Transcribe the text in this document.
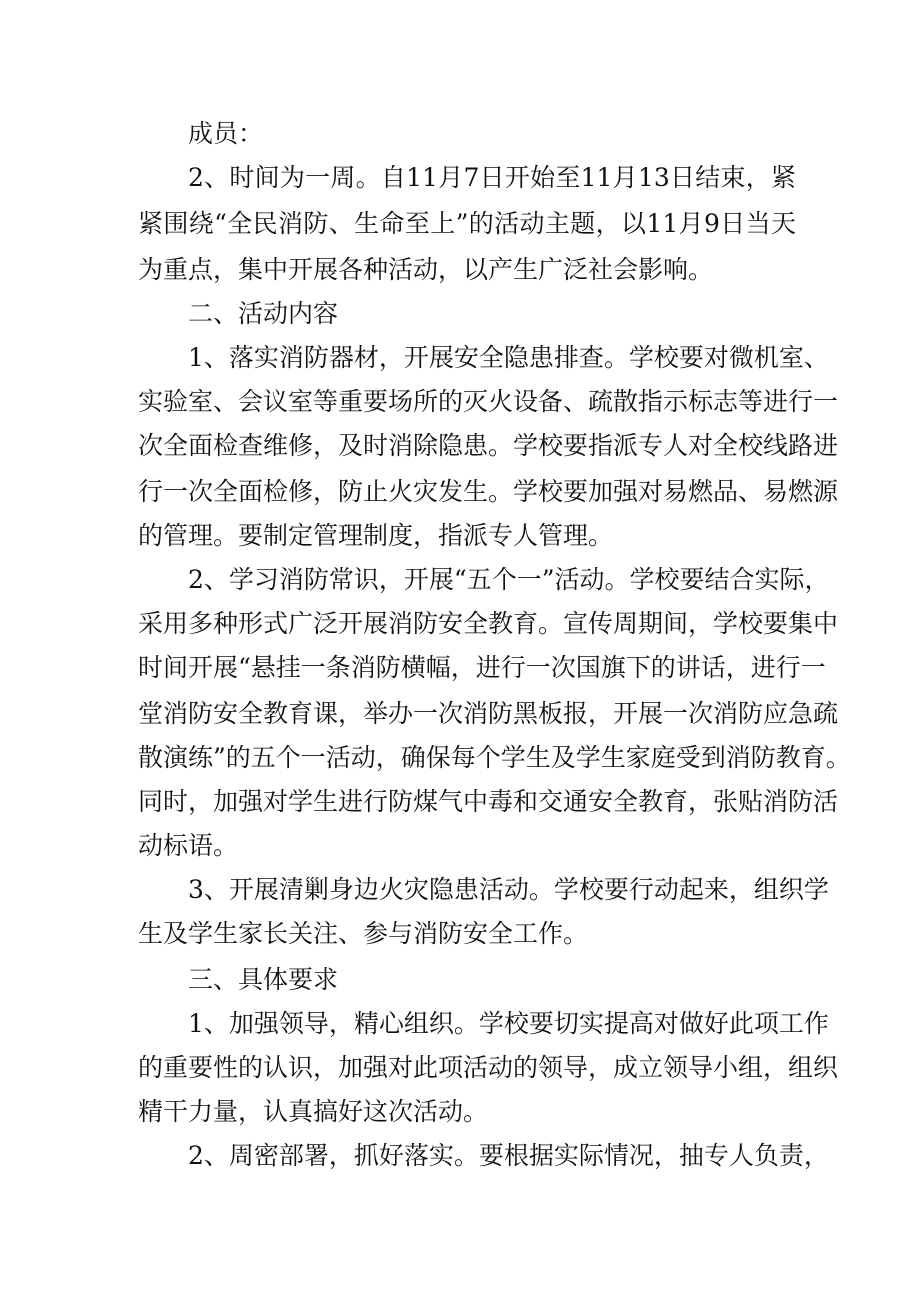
成员：
2、时间为一周。自11月7日开始至11月13日结束，紧
紧围绕“全民消防、生命至上”的活动主题，以11月9日当天
为重点，集中开展各种活动，以产生广泛社会影响。
二、活动内容
1、落实消防器材，开展安全隐患排查。学校要对微机室、
实验室、会议室等重要场所的灭火设备、疏散指示标志等进行一
次全面检查维修，及时消除隐患。学校要指派专人对全校线路进
行一次全面检修，防止火灾发生。学校要加强对易燃品、易燃源
的管理。要制定管理制度，指派专人管理。
2、学习消防常识，开展“五个一”活动。学校要结合实际，
采用多种形式广泛开展消防安全教育。宣传周期间，学校要集中
时间开展“悬挂一条消防横幅，进行一次国旗下的讲话，进行一
堂消防安全教育课，举办一次消防黑板报，开展一次消防应急疏
散演练”的五个一活动，确保每个学生及学生家庭受到消防教育。
同时，加强对学生进行防煤气中毒和交通安全教育，张贴消防活
动标语。
3、开展清剿身边火灾隐患活动。学校要行动起来，组织学
生及学生家长关注、参与消防安全工作。
三、具体要求
1、加强领导，精心组织。学校要切实提高对做好此项工作
的重要性的认识，加强对此项活动的领导，成立领导小组，组织
精干力量，认真搞好这次活动。
2、周密部署，抓好落实。要根据实际情况，抽专人负责，
